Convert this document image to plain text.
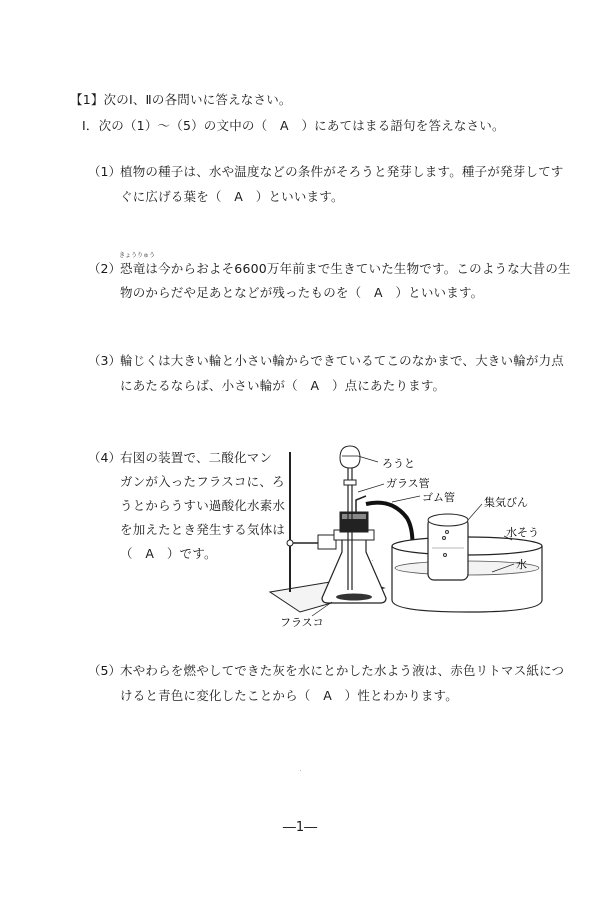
【1】次のⅠ、Ⅱの各問いに答えなさい。
Ⅰ．次の（1）～（5）の文中の（　A　）にあてはまる語句を答えなさい。
（1） 植物の種子は、水や温度などの条件がそろうと発芽します。種子が発芽してす
ぐに広げる葉を（　A　）といいます。
きょうりゅう
（2） 恐竜は今からおよそ6600万年前まで生きていた生物です。このような大昔の生
物のからだや足あとなどが残ったものを（　A　）といいます。
（3） 輪じくは大きい輪と小さい輪からできているてこのなかまで、大きい輪が力点
にあたるならば、小さい輪が（　A　）点にあたります。
（4） 右図の装置で、二酸化マン
ガンが入ったフラスコに、ろ
うとからうすい過酸化水素水
を加えたとき発生する気体は
（　A　）です。
ろうと
ガラス管
ゴム管	集気びん
水そう
水
フラスコ
（5） 木やわらを燃やしてできた灰を水にとかした水よう液は、赤色リトマス紙につ
けると青色に変化したことから（　A　）性とわかります。
―1―
